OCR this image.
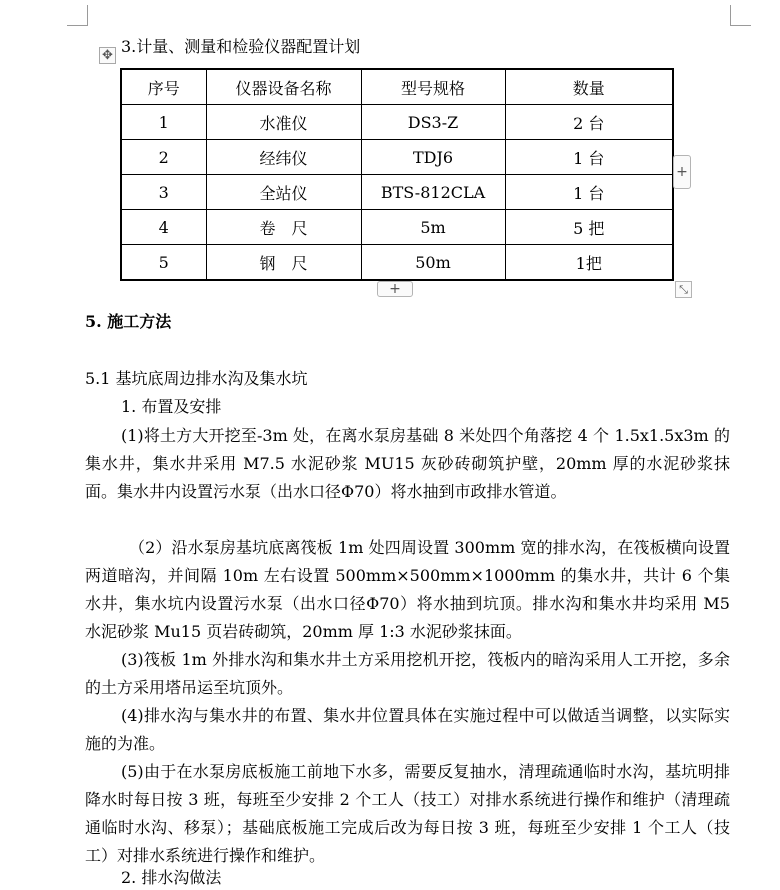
✥ 3.计量、测量和检验仪器配置计划
序号	仪器设备名称	型号规格	数量
1	水准仪	DS3-Z	2 台
2	经纬仪	TDJ6	1 台
3	全站仪	BTS-812CLA	1 台
4	卷　尺	5m	5 把
5	钢　尺	50m	1把
+
+	⤡
5. 施工方法
5.1 基坑底周边排水沟及集水坑
1. 布置及安排
(1)将土方大开挖至-3m 处，在离水泵房基础 8 米处四个角落挖 4 个 1.5x1.5x3m 的集水井，集水井采用 M7.5 水泥砂浆 MU15 灰砂砖砌筑护壁，20mm 厚的水泥砂浆抹面。集水井内设置污水泵（出水口径Φ70）将水抽到市政排水管道。
（2）沿水泵房基坑底离筏板 1m 处四周设置 300mm 宽的排水沟，在筏板横向设置两道暗沟，并间隔 10m 左右设置 500mm×500mm×1000mm 的集水井，共计 6 个集水井，集水坑内设置污水泵（出水口径Φ70）将水抽到坑顶。排水沟和集水井均采用 M5 水泥砂浆 Mu15 页岩砖砌筑，20mm 厚 1:3 水泥砂浆抹面。
(3)筏板 1m 外排水沟和集水井土方采用挖机开挖，筏板内的暗沟采用人工开挖，多余的土方采用塔吊运至坑顶外。
(4)排水沟与集水井的布置、集水井位置具体在实施过程中可以做适当调整，以实际实施的为准。
(5)由于在水泵房底板施工前地下水多，需要反复抽水，清理疏通临时水沟，基坑明排降水时每日按 3 班，每班至少安排 2 个工人（技工）对排水系统进行操作和维护（清理疏通临时水沟、移泵）；基础底板施工完成后改为每日按 3 班，每班至少安排 1 个工人（技工）对排水系统进行操作和维护。
2. 排水沟做法
